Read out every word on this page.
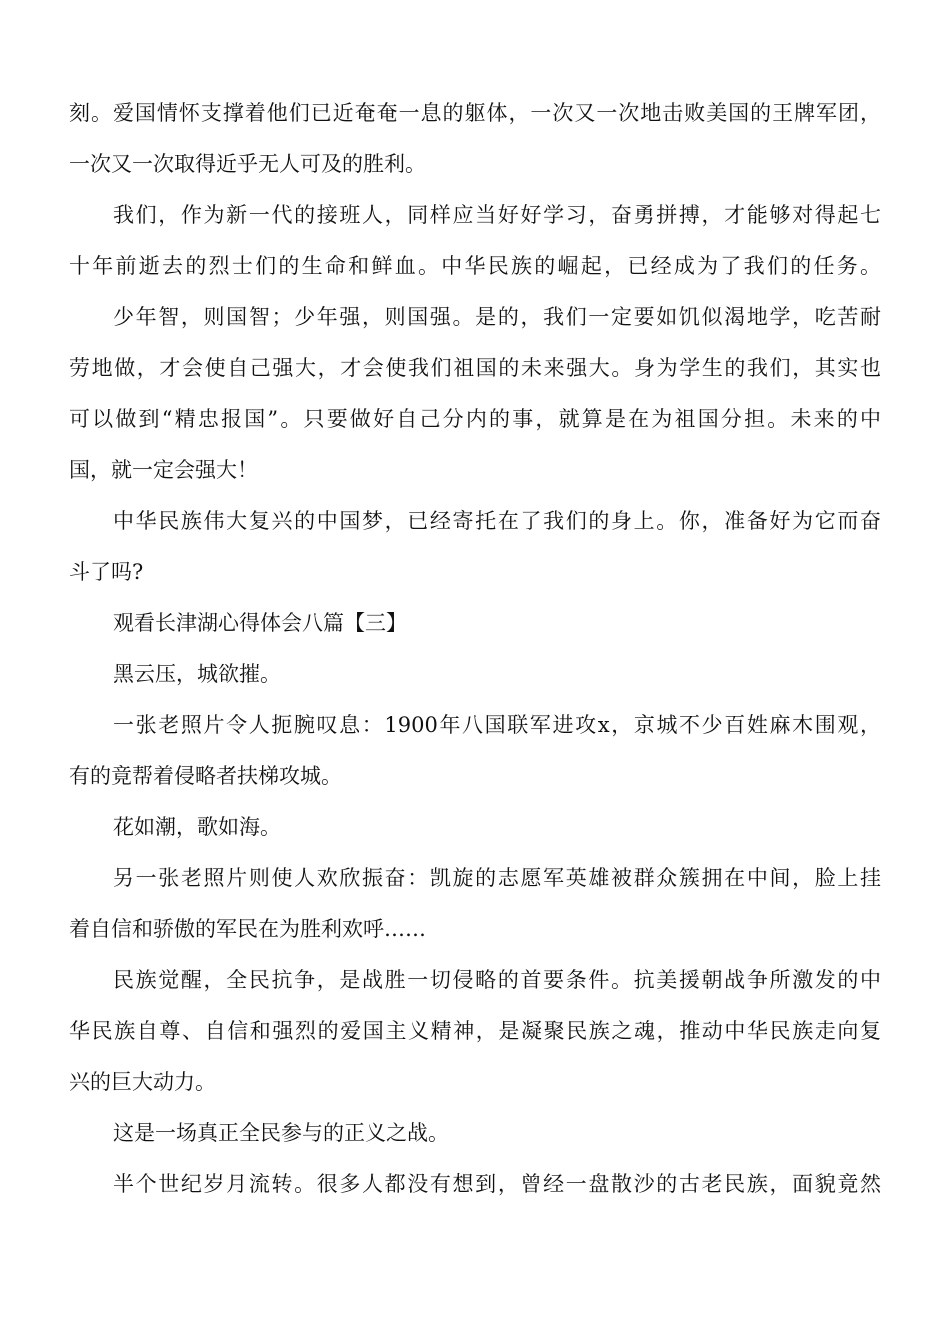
刻。爱国情怀支撑着他们已近奄奄一息的躯体，一次又一次地击败美国的王牌军团，
一次又一次取得近乎无人可及的胜利。
我们，作为新一代的接班人，同样应当好好学习，奋勇拼搏，才能够对得起七
十年前逝去的烈士们的生命和鲜血。中华民族的崛起，已经成为了我们的任务。
少年智，则国智；少年强，则国强。是的，我们一定要如饥似渴地学，吃苦耐
劳地做，才会使自己强大，才会使我们祖国的未来强大。身为学生的我们，其实也
可以做到“精忠报国”。只要做好自己分内的事，就算是在为祖国分担。未来的中
国，就一定会强大！
中华民族伟大复兴的中国梦，已经寄托在了我们的身上。你，准备好为它而奋
斗了吗?
观看长津湖心得体会八篇【三】
黑云压，城欲摧。
一张老照片令人扼腕叹息：1900年八国联军进攻x，京城不少百姓麻木围观，
有的竟帮着侵略者扶梯攻城。
花如潮，歌如海。
另一张老照片则使人欢欣振奋：凯旋的志愿军英雄被群众簇拥在中间，脸上挂
着自信和骄傲的军民在为胜利欢呼……
民族觉醒，全民抗争，是战胜一切侵略的首要条件。抗美援朝战争所激发的中
华民族自尊、自信和强烈的爱国主义精神，是凝聚民族之魂，推动中华民族走向复
兴的巨大动力。
这是一场真正全民参与的正义之战。
半个世纪岁月流转。很多人都没有想到，曾经一盘散沙的古老民族，面貌竟然
